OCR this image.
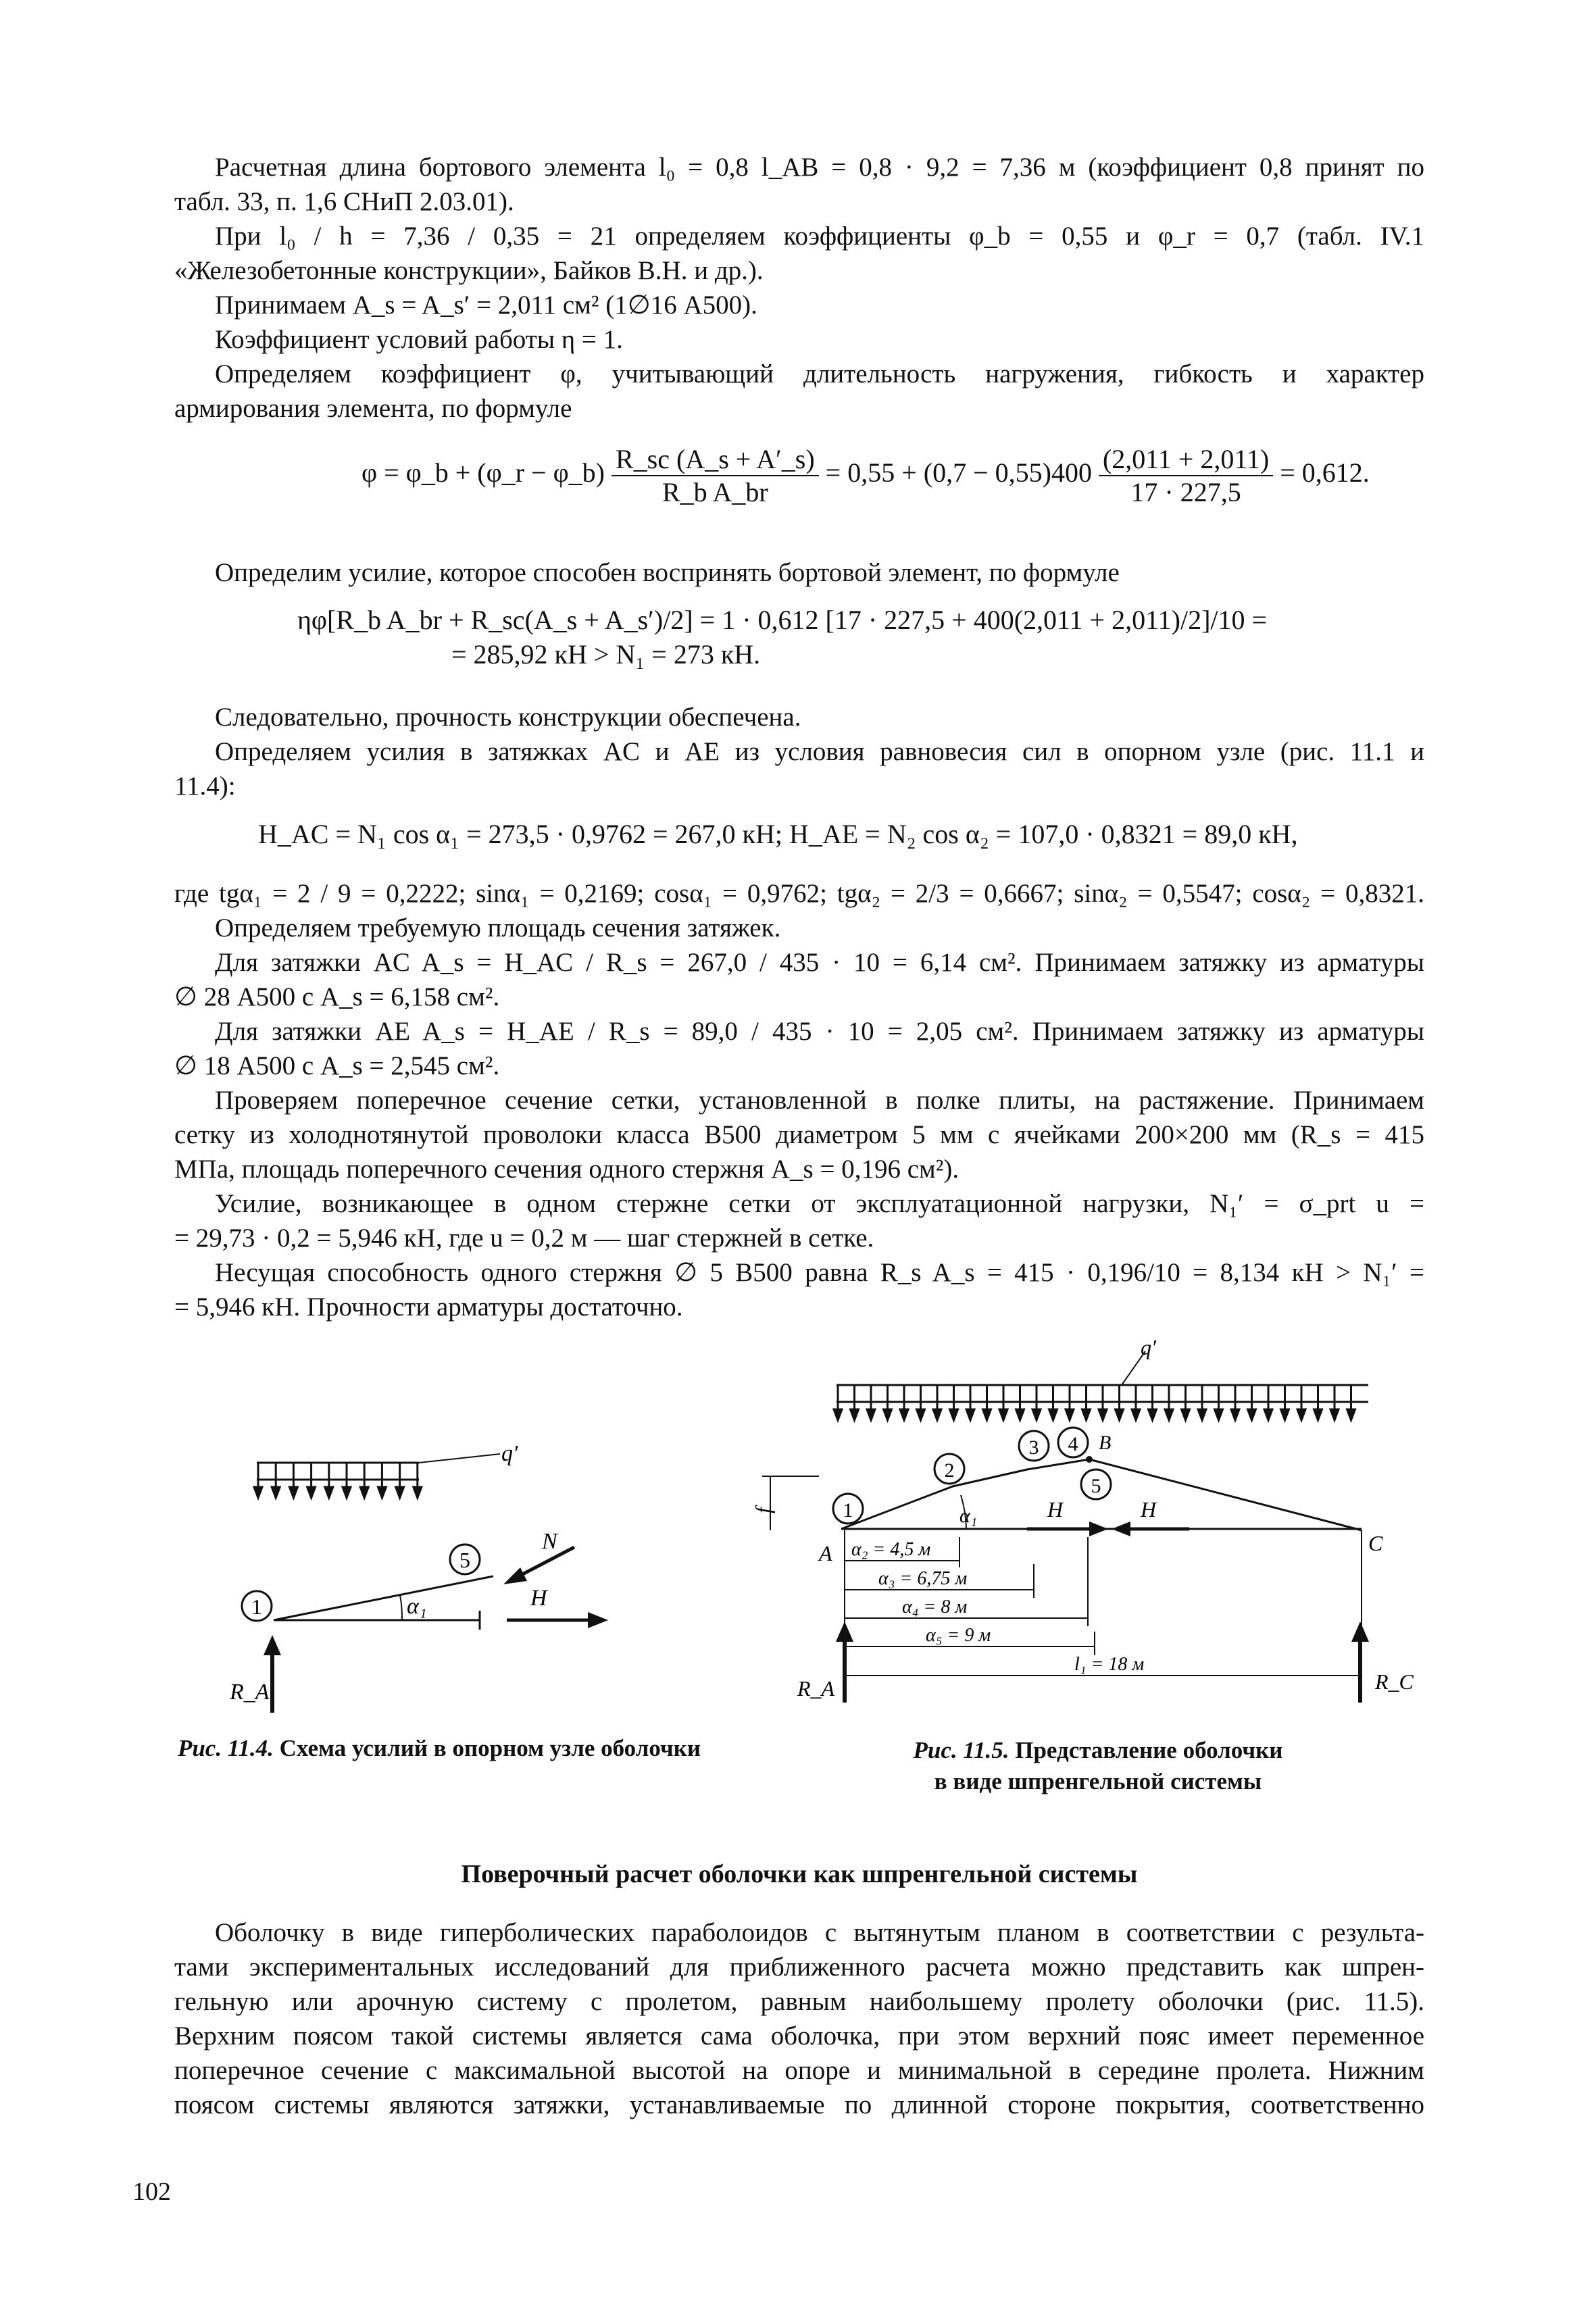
Расчетная длина бортового элемента l₀ = 0,8 l_AB = 0,8 · 9,2 = 7,36 м (коэффициент 0,8 принят по
табл. 33, п. 1,6 СНиП 2.03.01).
При l₀ / h = 7,36 / 0,35 = 21 определяем коэффициенты φ_b = 0,55 и φ_r = 0,7 (табл. IV.1
«Железобетонные конструкции», Байков В.Н. и др.).
Принимаем A_s = A_s′ = 2,011 см² (1∅16 А500).
Коэффициент условий работы η = 1.
Определяем коэффициент φ, учитывающий длительность нагружения, гибкость и характер
армирования элемента, по формуле
φ = φ_b + (φ_r − φ_b) $\frac{R\_sc (A\_s + A'\_s)}{\text{R\_b A\_br}} = 0,55 + (0,7 - 0,55)400 \frac{(2,011 + 2,011)}{17 \cdot 227,5} = 0,612$.
Определим усилие, которое способен воспринять бортовой элемент, по формуле
ηφ[R_b A_br + R_sc(A_s + A_s′)/2] = 1 · 0,612 [17 · 227,5 + 400(2,011 + 2,011)/2]/10 =
= 285,92 кН > N₁ = 273 кН.
Следовательно, прочность конструкции обеспечена.
Определяем усилия в затяжках AC и AE из условия равновесия сил в опорном узле (рис. 11.1 и
11.4):
H_AC = N₁ cos α₁ = 273,5 · 0,9762 = 267,0 кН; H_AE = N₂ cos α₂ = 107,0 · 0,8321 = 89,0 кН,
где tgα₁ = 2 / 9 = 0,2222; sinα₁ = 0,2169; cosα₁ = 0,9762; tgα₂ = 2/3 = 0,6667; sinα₂ = 0,5547; cosα₂ = 0,8321.
Определяем требуемую площадь сечения затяжек.
Для затяжки AC A_s = H_AC / R_s = 267,0 / 435 · 10 = 6,14 см². Принимаем затяжку из арматуры
∅ 28 А500 с A_s = 6,158 см².
Для затяжки AE A_s = H_AE / R_s = 89,0 / 435 · 10 = 2,05 см². Принимаем затяжку из арматуры
∅ 18 А500 с A_s = 2,545 см².
Проверяем поперечное сечение сетки, установленной в полке плиты, на растяжение. Принимаем
сетку из холоднотянутой проволоки класса В500 диаметром 5 мм с ячейками 200×200 мм (R_s = 415
МПа, площадь поперечного сечения одного стержня A_s = 0,196 см²).
Усилие, возникающее в одном стержне сетки от эксплуатационной нагрузки, N₁′ = σ_prt u =
= 29,73 · 0,2 = 5,946 кН, где u = 0,2 м — шаг стержней в сетке.
Несущая способность одного стержня ∅ 5 В500 равна R_s A_s = 415 · 0,196/10 = 8,134 кН > N₁′ =
= 5,946 кН. Прочности арматуры достаточно.
q′
α₁
1
5
N
H
R_A
Рис. 11.4. Схема усилий в опорном узле оболочки
q′
f	α₁
1
2
3 4
5
B
H	H
A	C
α₂ = 4,5 м
α₃ = 6,75 м
α₄ = 8 м
α₅ = 9 м
l₁ = 18 м
R_A	R_C
Рис. 11.5. Представление оболочки
в виде шпренгельной системы
Поверочный расчет оболочки как шпренгельной системы
Оболочку в виде гиперболических параболоидов с вытянутым планом в соответствии с результа-
тами экспериментальных исследований для приближенного расчета можно представить как шпрен-
гельную или арочную систему с пролетом, равным наибольшему пролету оболочки (рис. 11.5).
Верхним поясом такой системы является сама оболочка, при этом верхний пояс имеет переменное
поперечное сечение с максимальной высотой на опоре и минимальной в середине пролета. Нижним
поясом системы являются затяжки, устанавливаемые по длинной стороне покрытия, соответственно
102
